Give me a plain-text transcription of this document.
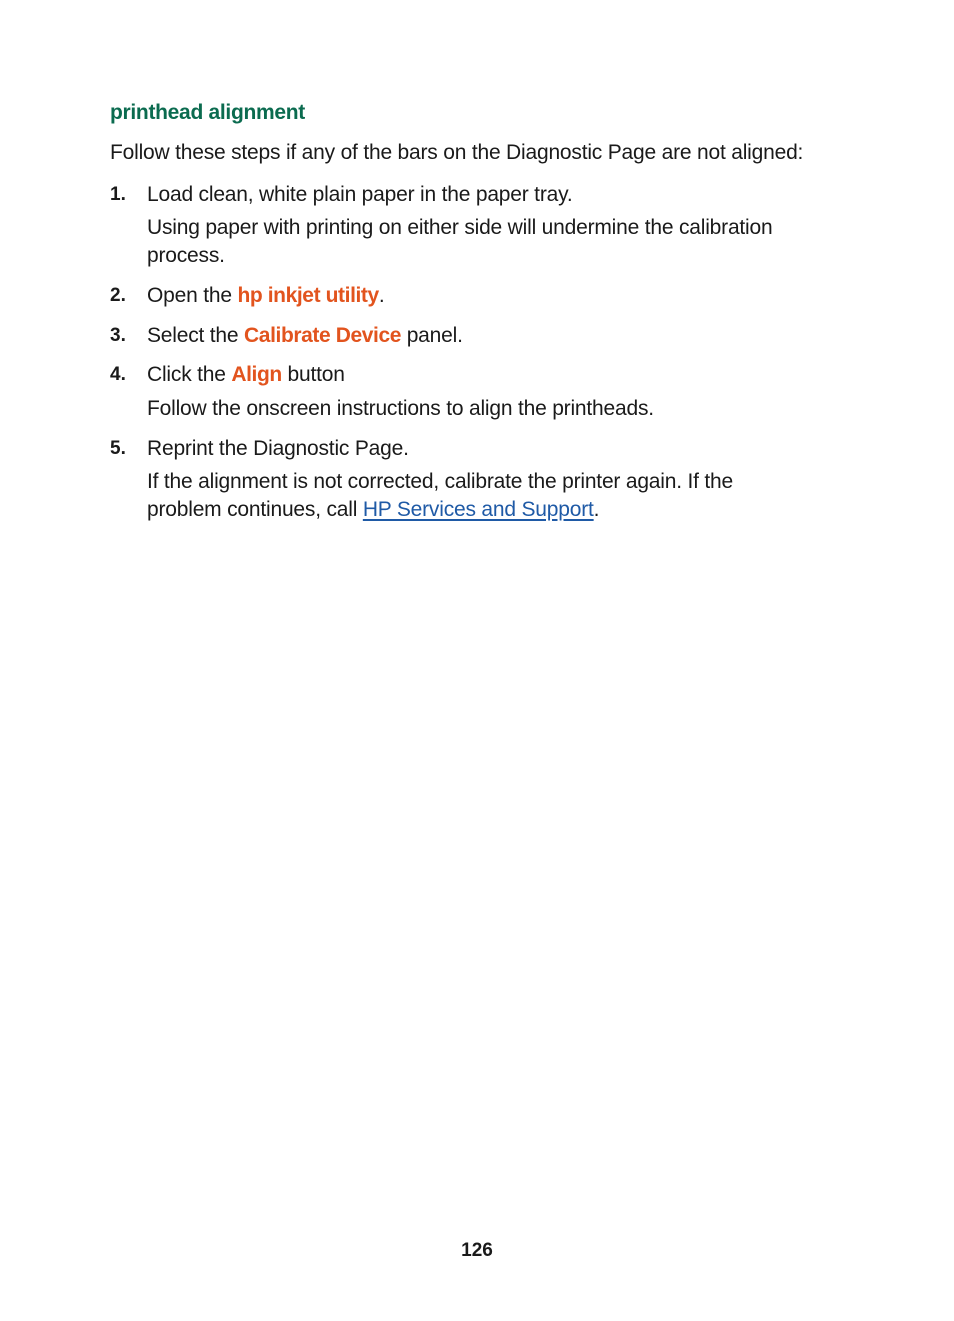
printhead alignment
Follow these steps if any of the bars on the Diagnostic Page are not aligned:
1. Load clean, white plain paper in the paper tray.
Using paper with printing on either side will undermine the calibration process.
2. Open the hp inkjet utility.
3. Select the Calibrate Device panel.
4. Click the Align button
Follow the onscreen instructions to align the printheads.
5. Reprint the Diagnostic Page.
If the alignment is not corrected, calibrate the printer again. If the problem continues, call HP Services and Support.
126
